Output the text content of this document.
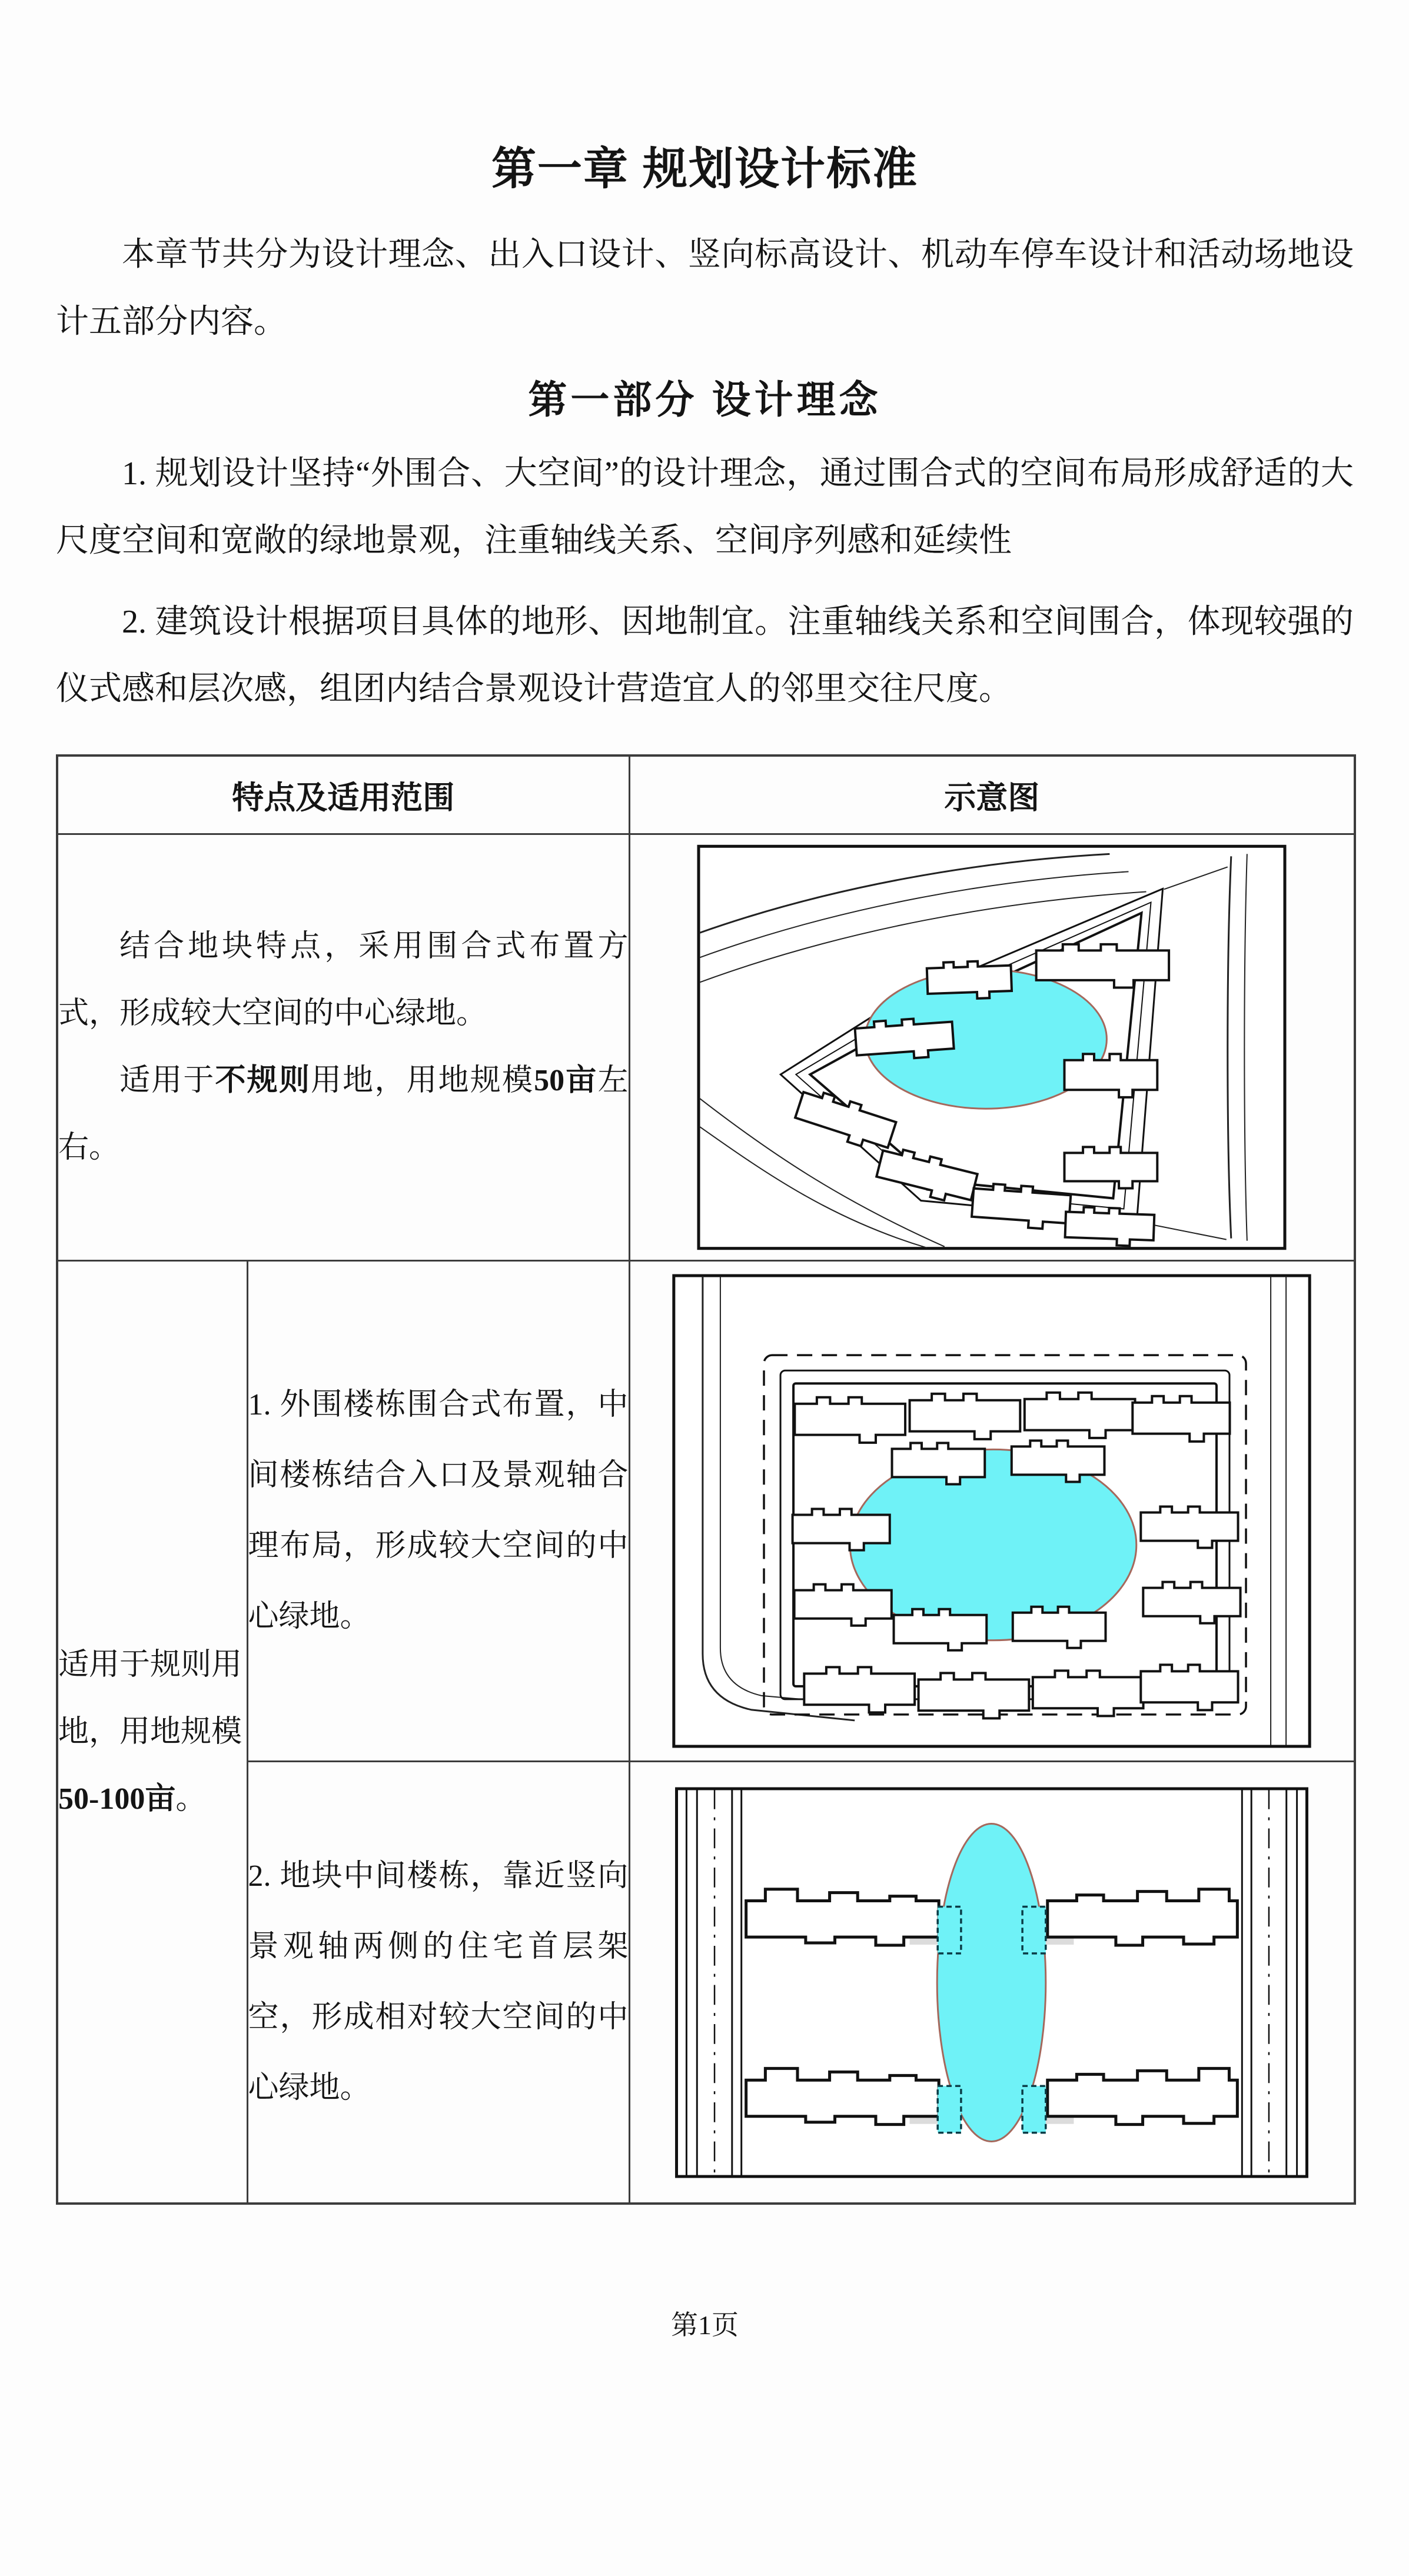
第一章 规划设计标准

本章节共分为设计理念、出入口设计、竖向标高设计、机动车停车设计和活动场地设计五部分内容。

第一部分 设计理念

1. 规划设计坚持“外围合、大空间”的设计理念，通过围合式的空间布局形成舒适的大尺度空间和宽敞的绿地景观，注重轴线关系、空间序列感和延续性

2. 建筑设计根据项目具体的地形、因地制宜。注重轴线关系和空间围合，体现较强的仪式感和层次感，组团内结合景观设计营造宜人的邻里交往尺度。

特点及适用范围		示意图

结合地块特点，采用围合式布置方式，形成较大空间的中心绿地。

适用于不规则用地，用地规模50亩左右。

适用于规则用地，用地规模50-100亩。	1. 外围楼栋围合式布置，中间楼栋结合入口及景观轴合理布局，形成较大空间的中心绿地。

	2. 地块中间楼栋，靠近竖向景观轴两侧的住宅首层架空，形成相对较大空间的中心绿地。

第1页
